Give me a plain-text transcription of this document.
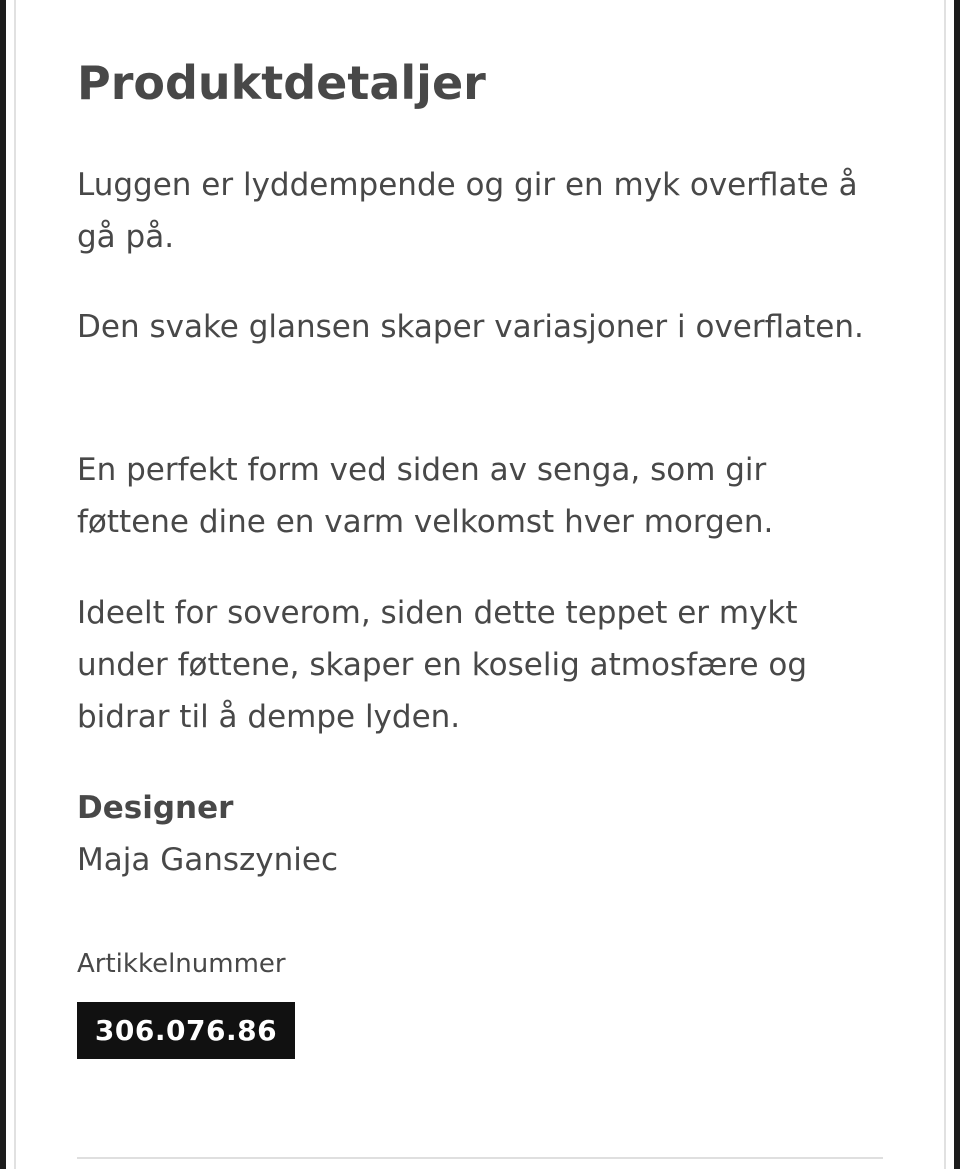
Produktdetaljer

Luggen er lyddempende og gir en myk overflate å gå på.

Den svake glansen skaper variasjoner i overflaten.

En perfekt form ved siden av senga, som gir føttene dine en varm velkomst hver morgen.

Ideelt for soverom, siden dette teppet er mykt under føttene, skaper en koselig atmosfære og bidrar til å dempe lyden.

Designer
Maja Ganszyniec
Artikkelnummer
306.076.86
